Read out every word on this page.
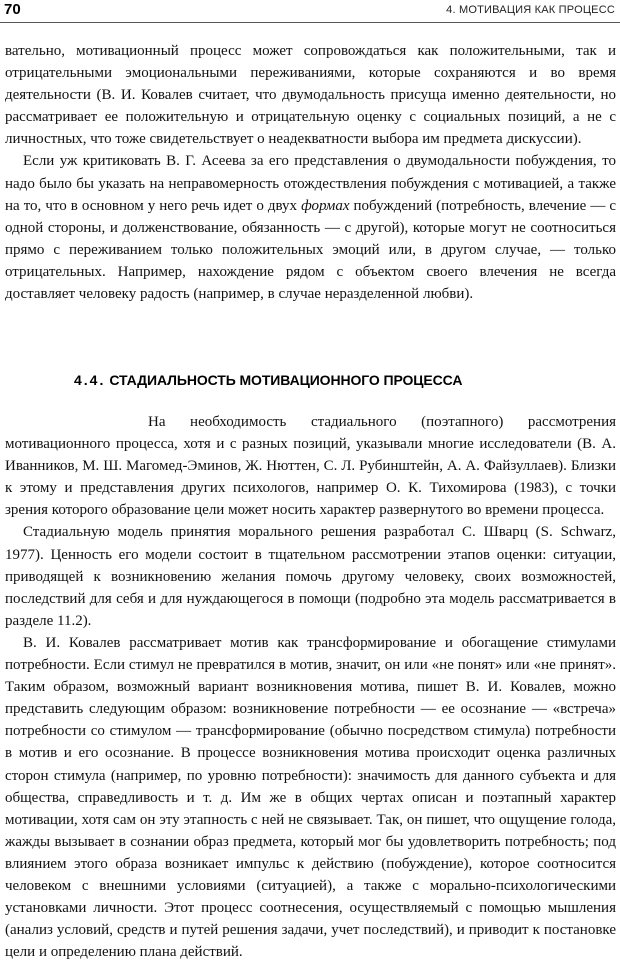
70	4. МОТИВАЦИЯ КАК ПРОЦЕСС

вательно, мотивационный процесс может сопровождаться как положительными, так и отрицательными эмоциональными переживаниями, которые сохраняются и во время деятельности (В. И. Ковалев считает, что двумодальность присуща именно деятельности, но рассматривает ее положительную и отрицательную оценку с социальных позиций, а не с личностных, что тоже свидетельствует о неадекватности выбора им предмета дискуссии).

Если уж критиковать В. Г. Асеева за его представления о двумодальности побуждения, то надо было бы указать на неправомерность отождествления побуждения с мотивацией, а также на то, что в основном у него речь идет о двух формах побуждений (потребность, влечение — с одной стороны, и долженствование, обязанность — с другой), которые могут не соотноситься прямо с переживанием только положительных эмоций или, в другом случае, — только отрицательных. Например, нахождение рядом с объектом своего влечения не всегда доставляет человеку радость (например, в случае неразделенной любви).

4.4. СТАДИАЛЬНОСТЬ МОТИВАЦИОННОГО ПРОЦЕССА

На необходимость стадиального (поэтапного) рассмотрения мотивационного процесса, хотя и с разных позиций, указывали многие исследователи (В. А. Иванников, М. Ш. Магомед-Эминов, Ж. Нюттен, С. Л. Рубинштейн, А. А. Файзуллаев). Близки к этому и представления других психологов, например О. К. Тихомирова (1983), с точки зрения которого образование цели может носить характер развернутого во времени процесса.

Стадиальную модель принятия морального решения разработал С. Шварц (S. Schwarz, 1977). Ценность его модели состоит в тщательном рассмотрении этапов оценки: ситуации, приводящей к возникновению желания помочь другому человеку, своих возможностей, последствий для себя и для нуждающегося в помощи (подробно эта модель рассматривается в разделе 11.2).

В. И. Ковалев рассматривает мотив как трансформирование и обогащение стимулами потребности. Если стимул не превратился в мотив, значит, он или «не понят» или «не принят». Таким образом, возможный вариант возникновения мотива, пишет В. И. Ковалев, можно представить следующим образом: возникновение потребности — ее осознание — «встреча» потребности со стимулом — трансформирование (обычно посредством стимула) потребности в мотив и его осознание. В процессе возникновения мотива происходит оценка различных сторон стимула (например, по уровню потребности): значимость для данного субъекта и для общества, справедливость и т. д. Им же в общих чертах описан и поэтапный характер мотивации, хотя сам он эту этапность с ней не связывает. Так, он пишет, что ощущение голода, жажды вызывает в сознании образ предмета, который мог бы удовлетворить потребность; под влиянием этого образа возникает импульс к действию (побуждение), которое соотносится человеком с внешними условиями (ситуацией), а также с морально-психологическими установками личности. Этот процесс соотнесения, осуществляемый с помощью мышления (анализ условий, средств и путей решения задачи, учет последствий), и приводит к постановке цели и определению плана действий.
